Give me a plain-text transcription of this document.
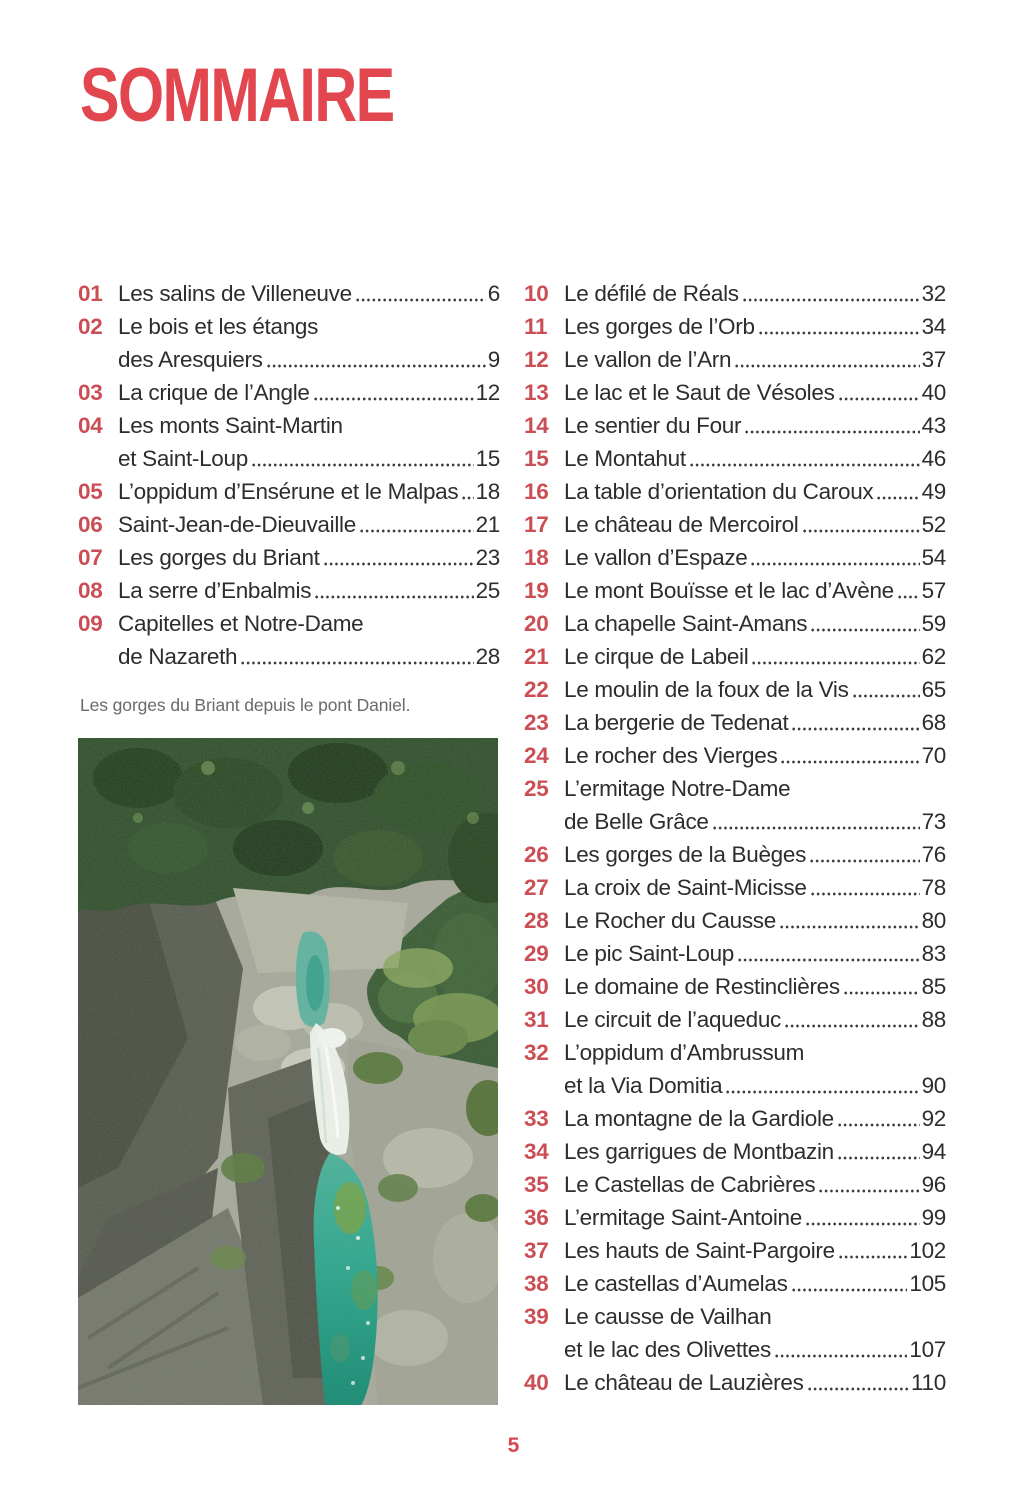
SOMMAIRE
01 Les salins de Villeneuve	6
02 Le bois et les étangs
des Aresquiers	9
03 La crique de l’Angle	12
04 Les monts Saint-Martin
et Saint-Loup	15
05 L’oppidum d’Ensérune et le Malpas 18
06 Saint-Jean-de-Dieuvaille	21
07 Les gorges du Briant	23
08 La serre d’Enbalmis	25
09 Capitelles et Notre-Dame
de Nazareth	28
10 Le défilé de Réals	32
11 Les gorges de l’Orb	34
12 Le vallon de l’Arn	37
13 Le lac et le Saut de Vésoles	40
14 Le sentier du Four	43
15 Le Montahut	46
16 La table d’orientation du Caroux 49
17 Le château de Mercoirol	52
18 Le vallon d’Espaze	54
19 Le mont Bouïsse et le lac d’Avène 57
20 La chapelle Saint-Amans	59
21 Le cirque de Labeil	62
22 Le moulin de la foux de la Vis	65
23 La bergerie de Tedenat	68
24 Le rocher des Vierges	70
25 L’ermitage Notre-Dame
de Belle Grâce	73
26 Les gorges de la Buèges	76
27 La croix de Saint-Micisse	78
28 Le Rocher du Causse	80
29 Le pic Saint-Loup	83
30 Le domaine de Restinclières	85
31 Le circuit de l’aqueduc	88
32 L’oppidum d’Ambrussum
et la Via Domitia	90
33 La montagne de la Gardiole	92
34 Les garrigues de Montbazin	94
35 Le Castellas de Cabrières	96
36 L’ermitage Saint-Antoine	99
37 Les hauts de Saint-Pargoire	102
38 Le castellas d’Aumelas	105
39 Le causse de Vailhan
et le lac des Olivettes	107
40 Le château de Lauzières	110

Les gorges du Briant depuis le pont Daniel.

5
